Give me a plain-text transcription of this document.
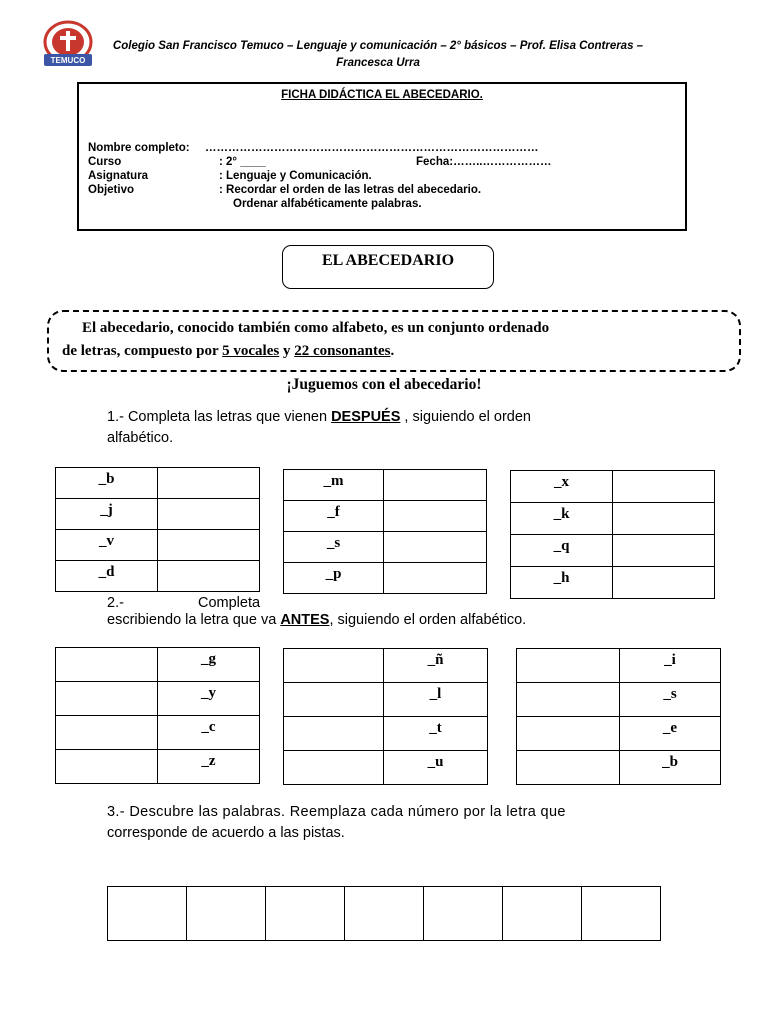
TEMUCO
Colegio San Francisco Temuco – Lenguaje y comunicación – 2° básicos – Prof. Elisa Contreras –
Francesca Urra
FICHA DIDÁCTICA EL ABECEDARIO.
Nombre completo: ……………………………………………………………………………
Curso	: 2° ____	Fecha:……..………………
Asignatura	: Lenguaje y Comunicación.
Objetivo	: Recordar el orden de las letras del abecedario.
Ordenar alfabéticamente palabras.
EL ABECEDARIO
El abecedario, conocido también como alfabeto, es un conjunto ordenado
de letras, compuesto por 5 vocales y 22 consonantes.
¡Juguemos con el abecedario!
1.- Completa las letras que vienen DESPUÉS , siguiendo el orden
alfabético.
_b	

_j	

_v	

_d	

_m	

_f	

_s	

_p	

_x	

_k	

_q	

_h	

2.-	Completa
escribiendo la letra que va ANTES, siguiendo el orden alfabético.

	_g

	_y

	_c

	_z

	_ñ

	_l

	_t

	_u

	_i

	_s

	_e

	_b
3.- Descubre las palabras. Reemplaza cada número por la letra que
corresponde de acuerdo a las pistas.
